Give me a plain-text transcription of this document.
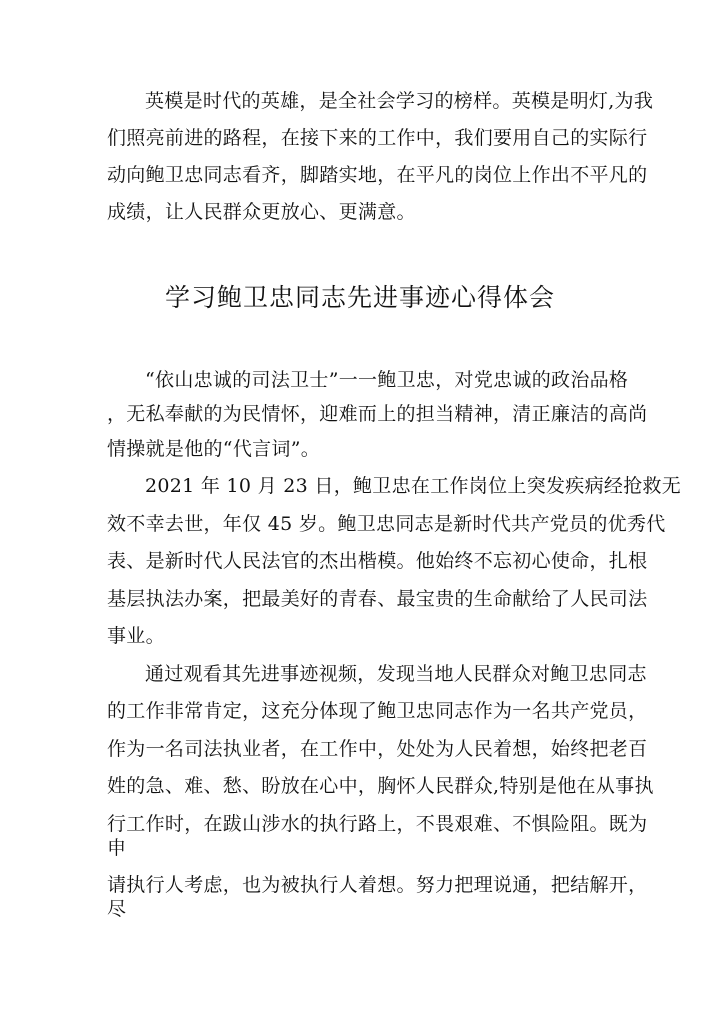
英模是时代的英雄，是全社会学习的榜样。英模是明灯,为我

们照亮前进的路程，在接下来的工作中，我们要用自己的实际行

动向鲍卫忠同志看齐，脚踏实地，在平凡的岗位上作出不平凡的

成绩，让人民群众更放心、更满意。

学习鲍卫忠同志先进事迹心得体会

“依山忠诚的司法卫士”一一鲍卫忠，对党忠诚的政治品格

，无私奉献的为民情怀，迎难而上的担当精神，清正廉洁的高尚

情操就是他的“代言词”。

2021 年 10 月 23 日，鲍卫忠在工作岗位上突发疾病经抢救无

效不幸去世，年仅 45 岁。鲍卫忠同志是新时代共产党员的优秀代

表、是新时代人民法官的杰出楷模。他始终不忘初心使命，扎根

基层执法办案，把最美好的青春、最宝贵的生命献给了人民司法

事业。

通过观看其先进事迹视频，发现当地人民群众对鲍卫忠同志

的工作非常肯定，这充分体现了鲍卫忠同志作为一名共产党员，

作为一名司法执业者，在工作中，处处为人民着想，始终把老百

姓的急、难、愁、盼放在心中，胸怀人民群众,特别是他在从事执

行工作时，在跋山涉水的执行路上，不畏艰难、不惧险阻。既为

申

请执行人考虑，也为被执行人着想。努力把理说通，把结解开，

尽
